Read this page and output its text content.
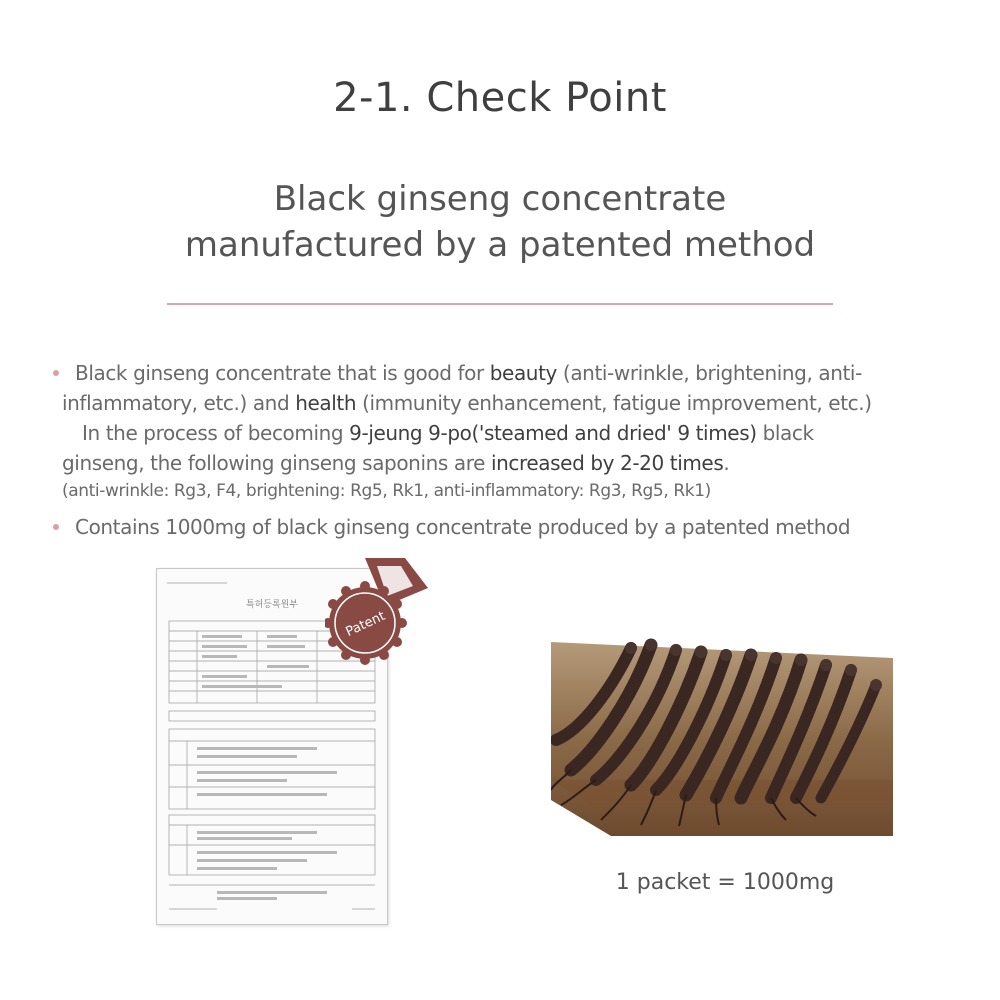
2-1. Check Point
Black ginseng concentrate
manufactured by a patented method
Black ginseng concentrate that is good for beauty (anti-wrinkle, brightening, anti-
inflammatory, etc.) and health (immunity enhancement, fatigue improvement, etc.)
In the process of becoming 9-jeung 9-po('steamed and dried' 9 times) black
ginseng, the following ginseng saponins are increased by 2-20 times.
(anti-wrinkle: Rg3, F4, brightening: Rg5, Rk1, anti-inflammatory: Rg3, Rg5, Rk1)
Contains 1000mg of black ginseng concentrate produced by a patented method
특허등록원부
Patent
1 packet = 1000mg
